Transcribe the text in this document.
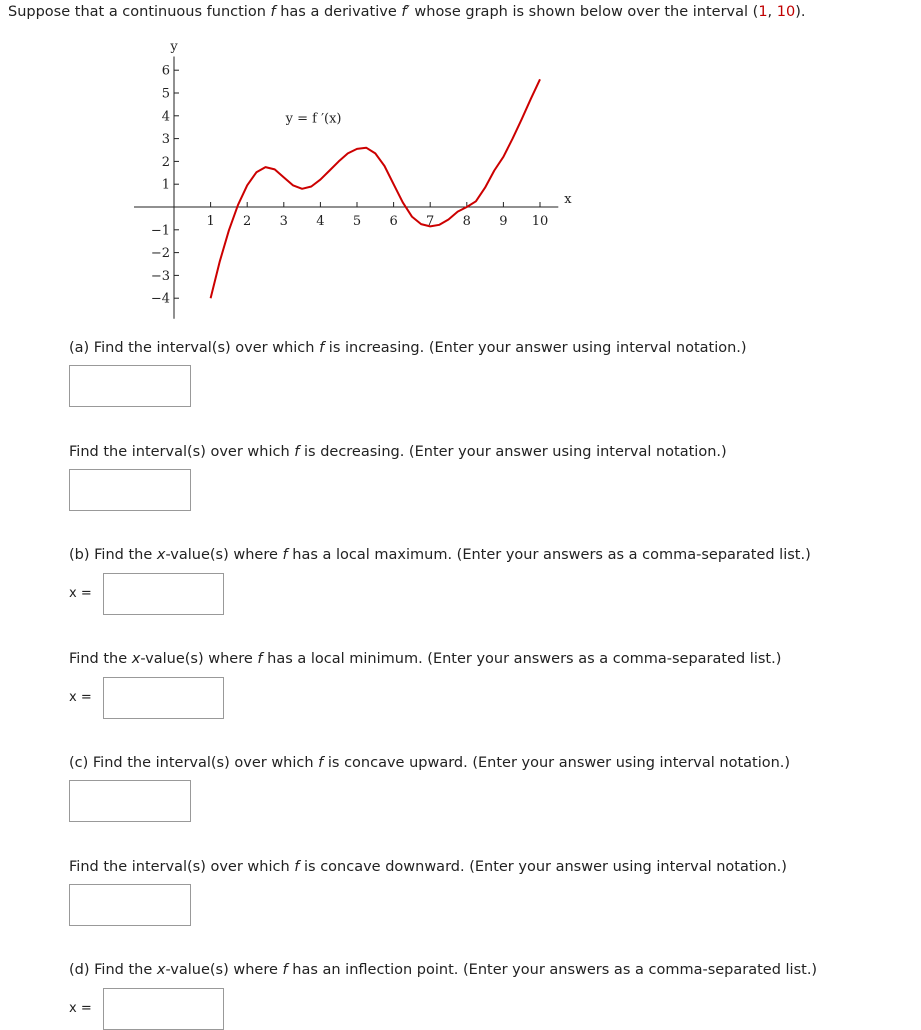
Suppose that a continuous function f has a derivative f′ whose graph is shown below over the interval (1, 10).
6
5
4
3
2
1
−1
−2
−3
−4
1 2 3 4 5 6 7 8 9 10
y
x
y = f ′(x)
(a) Find the interval(s) over which f is increasing. (Enter your answer using interval notation.)
Find the interval(s) over which f is decreasing. (Enter your answer using interval notation.)
(b) Find the x-value(s) where f has a local maximum. (Enter your answers as a comma-separated list.)
x =
Find the x-value(s) where f has a local minimum. (Enter your answers as a comma-separated list.)
x =
(c) Find the interval(s) over which f is concave upward. (Enter your answer using interval notation.)
Find the interval(s) over which f is concave downward. (Enter your answer using interval notation.)
(d) Find the x-value(s) where f has an inflection point. (Enter your answers as a comma-separated list.)
x =
